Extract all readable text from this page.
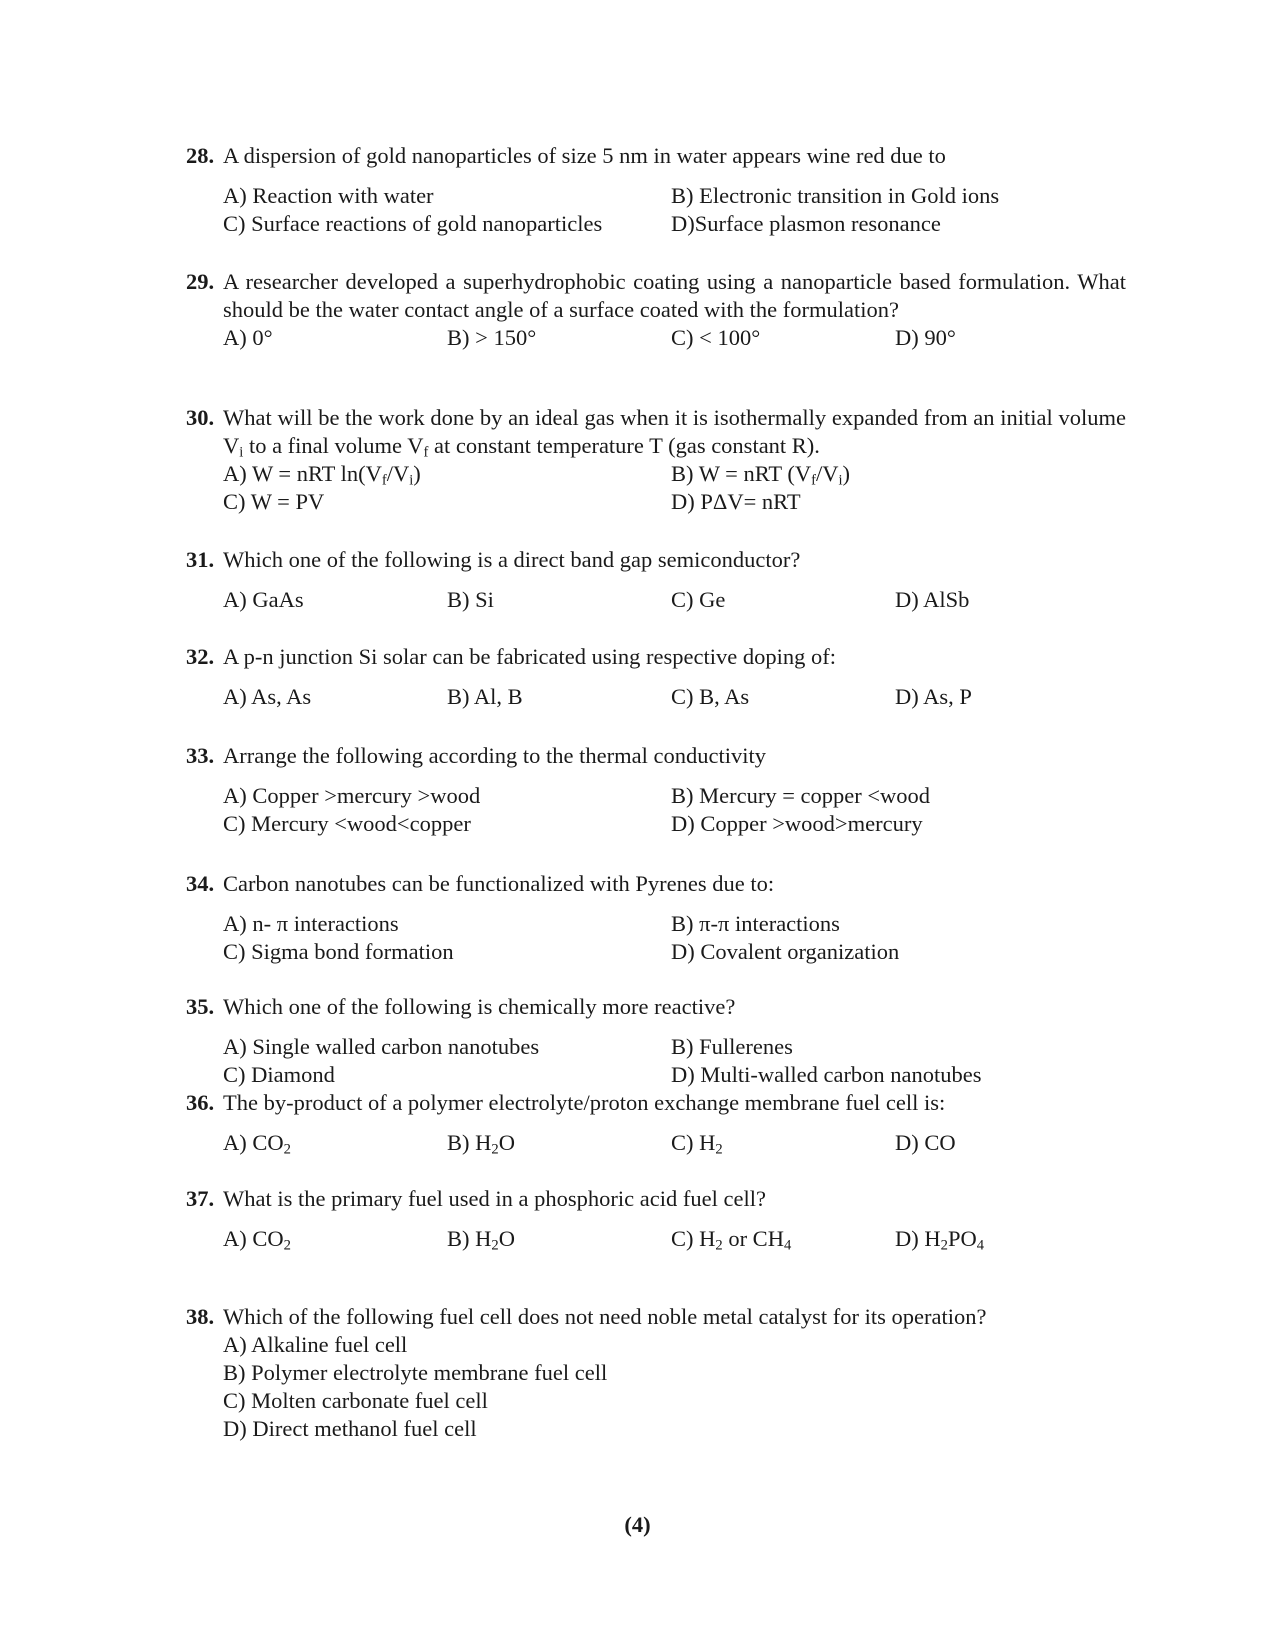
28. A dispersion of gold nanoparticles of size 5 nm in water appears wine red due to
A) Reaction with water	B) Electronic transition in Gold ions
C) Surface reactions of gold nanoparticles	D)Surface plasmon resonance
29. A researcher developed a superhydrophobic coating using a nanoparticle based formulation. What should be the water contact angle of a surface coated with the formulation?
A) 0°	B) > 150°	C) < 100°	D) 90°
30. What will be the work done by an ideal gas when it is isothermally expanded from an initial volume $V_i$ to a final volume $V_f$ at constant temperature T (gas constant R).
A) W = nRT $\ln(V_f/V_i)$	B) W = nRT $(V_f/V_i)$
C) W = PV	D) PΔV= nRT
31. Which one of the following is a direct band gap semiconductor?
A) GaAs	B) Si	C) Ge	D) AlSb
32. A p-n junction Si solar can be fabricated using respective doping of:
A) As, As	B) Al, B	C) B, As	D) As, P
33. Arrange the following according to the thermal conductivity
A) Copper >mercury >wood	B) Mercury = copper <wood
C) Mercury <wood<copper	D) Copper >wood>mercury
34. Carbon nanotubes can be functionalized with Pyrenes due to:
A) n- π interactions	B) π-π interactions
C) Sigma bond formation	D) Covalent organization
35. Which one of the following is chemically more reactive?
A) Single walled carbon nanotubes	B) Fullerenes
C) Diamond	D) Multi-walled carbon nanotubes
36. The by-product of a polymer electrolyte/proton exchange membrane fuel cell is:
A) $CO_2$	B) $H_2O$	C) $H_2$	D) CO
37. What is the primary fuel used in a phosphoric acid fuel cell?
A) $CO_2$	B) $H_2O$	C) $H_2$ or $CH_4$	D) $H_2PO_4$
38. Which of the following fuel cell does not need noble metal catalyst for its operation?
A) Alkaline fuel cell
B) Polymer electrolyte membrane fuel cell
C) Molten carbonate fuel cell
D) Direct methanol fuel cell
(4)
